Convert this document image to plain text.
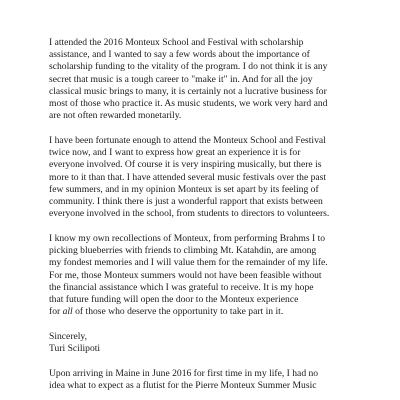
I attended the 2016 Monteux School and Festival with scholarship
assistance, and I wanted to say a few words about the importance of
scholarship funding to the vitality of the program. I do not think it is any
secret that music is a tough career to "make it" in. And for all the joy
classical music brings to many, it is certainly not a lucrative business for
most of those who practice it. As music students, we work very hard and
are not often rewarded monetarily.
I have been fortunate enough to attend the Monteux School and Festival
twice now, and I want to express how great an experience it is for
everyone involved. Of course it is very inspiring musically, but there is
more to it than that. I have attended several music festivals over the past
few summers, and in my opinion Monteux is set apart by its feeling of
community. I think there is just a wonderful rapport that exists between
everyone involved in the school, from students to directors to volunteers.
I know my own recollections of Monteux, from performing Brahms I to
picking blueberries with friends to climbing Mt. Katahdin, are among
my fondest memories and I will value them for the remainder of my life.
For me, those Monteux summers would not have been feasible without
the financial assistance which I was grateful to receive. It is my hope
that future funding will open the door to the Monteux experience
for all of those who deserve the opportunity to take part in it.
Sincerely,
Turi Scilipoti
Upon arriving in Maine in June 2016 for first time in my life, I had no
idea what to expect as a flutist for the Pierre Monteux Summer Music
